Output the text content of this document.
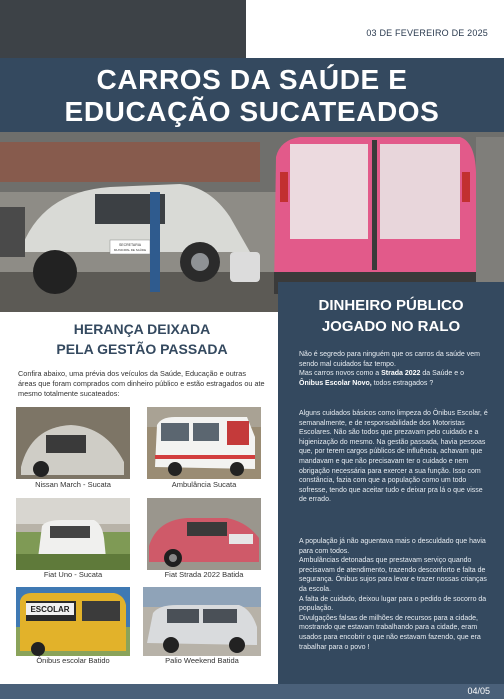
03 DE FEVEREIRO DE 2025
CARROS DA SAÚDE E
EDUCAÇÃO SUCATEADOS
SECRETARIA
MUNICIPAL DE SAÚDE
DINHEIRO PÚBLICO
JOGADO NO RALO
Não é segredo para ninguém que os carros da saúde vem sendo mal cuidados faz tempo.
Mas carros novos como a Strada 2022 da Saúde e o Ônibus Escolar Novo, todos estragados ?
Alguns cuidados básicos como limpeza do Ônibus Escolar, é semanalmente, e de responsabilidade dos Motoristas Escolares. Não são todos que prezavam pelo cuidado e a higienização do mesmo. Na gestão passada, havia pessoas que, por terem cargos públicos de influência, achavam que mandavam e que não precisavam ter o cuidado e nem obrigação necessária para exercer a sua função. Isso com constância, fazia com que a população como um todo sofresse, tendo que aceitar tudo e deixar pra lá o que visse de errado.
A população já não aguentava mais o desculdado que havia para com todos.
Ambulâncias detonadas que prestavam serviço quando precisavam de atendimento, trazendo desconforto e falta de segurança. Ônibus sujos para levar e trazer nossas crianças da escola.
A falta de cuidado, deixou lugar para o pedido de socorro da população.
Divulgações falsas de milhões de recursos para a cidade, mostrando que estavam trabalhando para a cidade, eram usados para encobrir o que não estavam fazendo, que era trabalhar para o povo !
HERANÇA DEIXADA
PELA GESTÃO PASSADA
Confira abaixo, uma prévia dos veículos da Saúde, Educação e outras áreas que foram comprados com dinheiro público e estão estragados ou ate mesmo totalmente sucateados:
Nissan March - Sucata	Ambulância Sucata
Fiat Uno - Sucata	Fiat Strada 2022 Batida
ESCOLAR
Ônibus escolar Batido	Palio Weekend Batida
04/05
